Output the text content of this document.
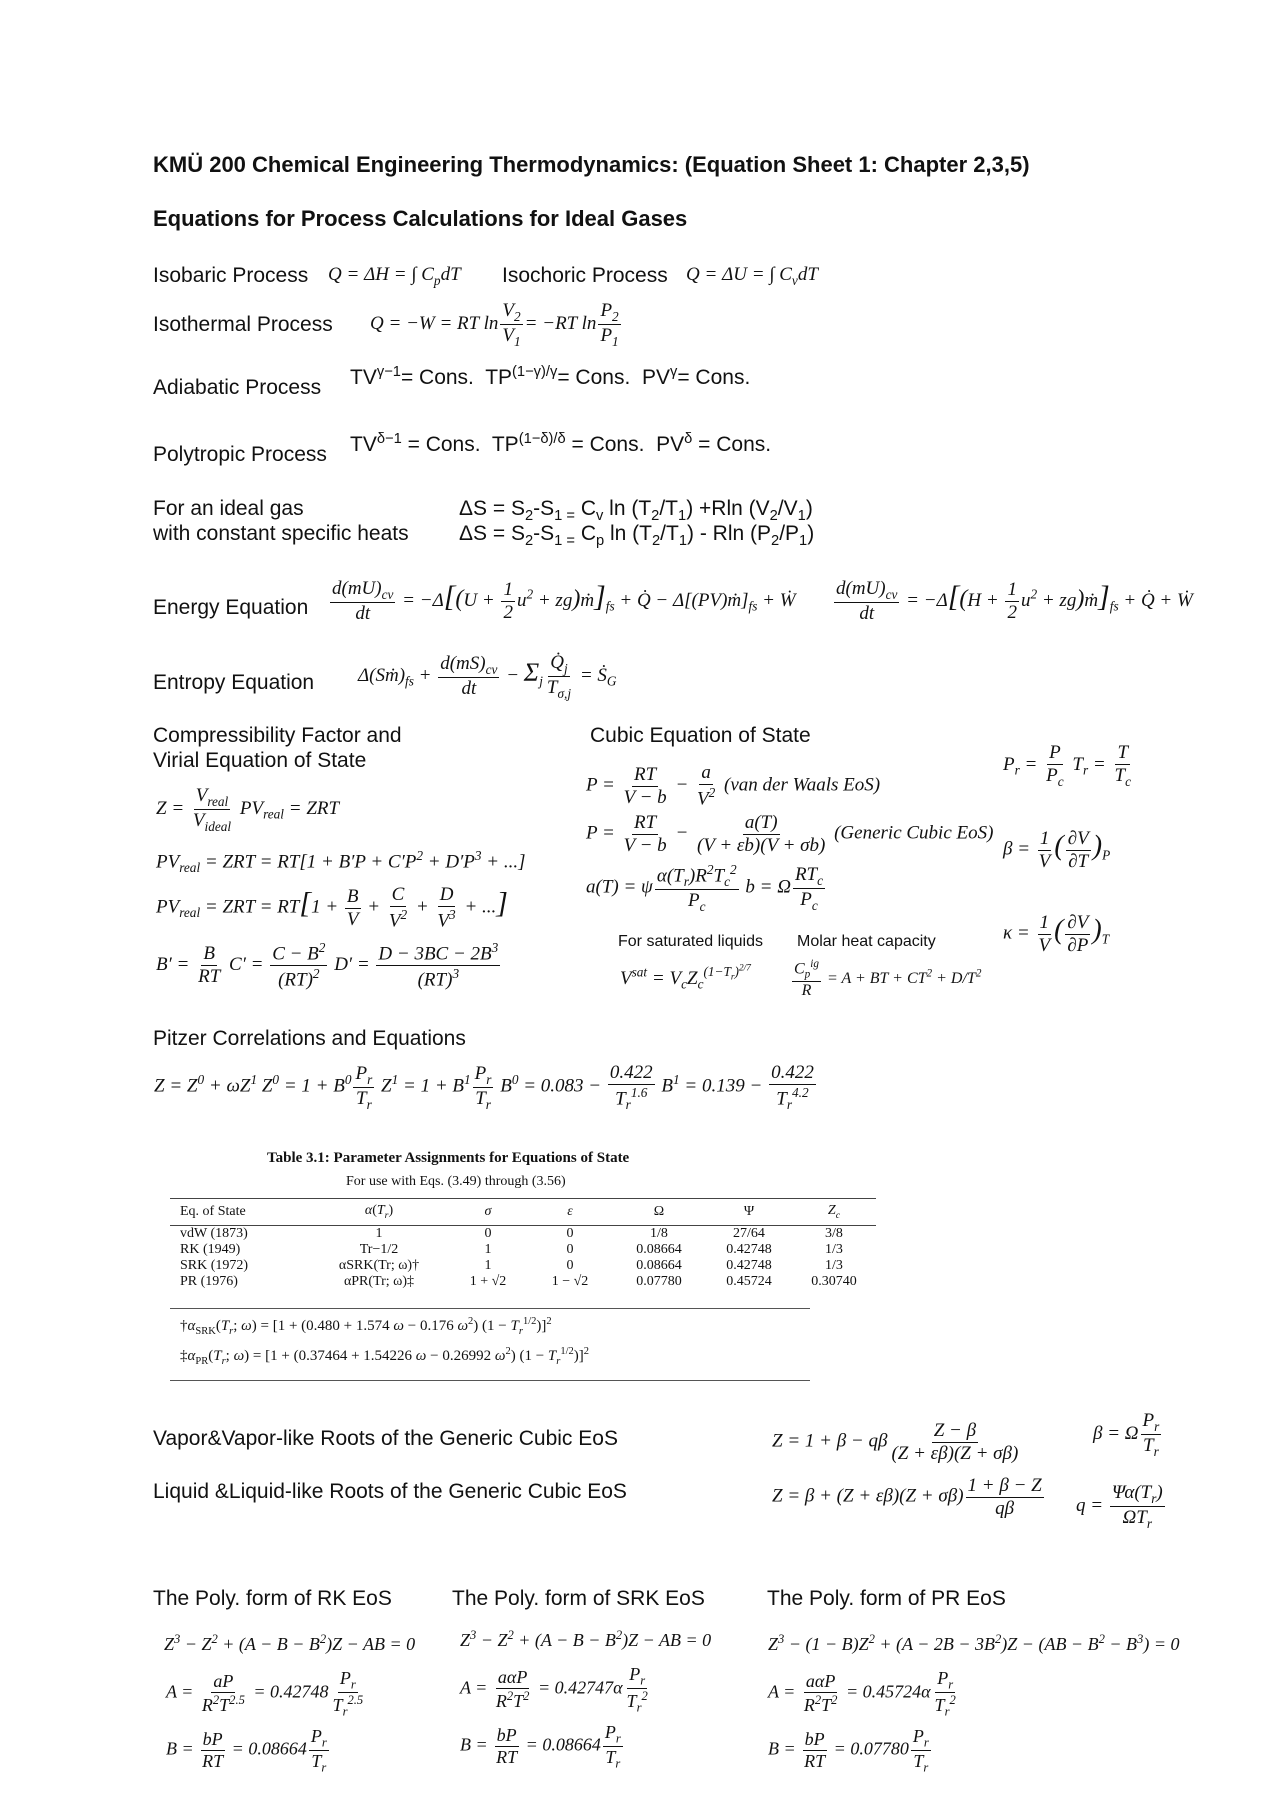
KMÜ 200 Chemical Engineering Thermodynamics: (Equation Sheet 1: Chapter 2,3,5)
Equations for Process Calculations for Ideal Gases
Isobaric Process Q = ΔH = ∫ $C_pdT$ Isochoric Process Q = ΔU = ∫ $C_vdT$
Isothermal Process Q = −W = RT $\ln \frac{V_2}{V_1} = -RT$ $\ln \frac{P_2}{P_1}$
Adiabatic Process $TV^{\gamma-1}=$ Cons.  $TP^{(1-\gamma)/\gamma}=$ Cons.  $PV^\gamma=$ Cons.
Polytropic Process $TV^{\delta-1}$ = Cons.  $TP^{(1-\delta)/\delta}$ = Cons.  $PV^\delta$ = Cons.
For an ideal gas
with constant specific heats
$\Delta S = S_2-S_{1 =}$ $C_v$ $\ln (T_2/T_1) +Rln$ $(V_2/V_1)$
$\Delta S = S_2-S_{1 =}$ $C_p$ $\ln (T_2/T_1)$ - Rln $(P_2/P_1)$
Energy Equation $\frac{d(mU)_{cv}}{dt} = -\Delta[(U + \frac{1}{2} u^2$ + $zg)ṁ]_{fs}$ + Q̇ − $\Delta[(PV)ṁ]_{fs}$ + Ẇ $\frac{d(mU)_{cv}}{dt} = -\Delta[(H + \frac{1}{2} u^2$ + $zg)ṁ]_{fs}$ + Q̇ + Ẇ
Entropy Equation $\Delta(Sṁ)_{fs} + \frac{d(mS)_{cv}}{dt} - \Sigma_j \frac{Q̇_j}{T_{\sigma,j}}$ = Ṡ$_G$
Compressibility Factor and
Virial Equation of State
$Z = \frac{V_{real}}{V_{ideal}} PV_{real}$ = ZRT
$PV_{real}$ = ZRT = $RT[1 + B'P + C'P^2 + D'P^3$ + ...]
$PV_{real}$ = ZRT = $RT[1 + \frac{B}{V} + \frac{C}{V^2} + \frac{D}{V^3}$ + ...]
$B' = \frac{B}{RT} C' = \frac{C - B^2}{(RT)^2} D' = \frac{D - 3BC - 2B^3}{(RT)^3}$
Cubic Equation of State
$P = \frac{RT}{V - b} - \frac{a}{V^2} (van$ der Waals EoS)
$P = \frac{RT}{V - b} - \frac{a(T)}{(V + \varepsilon b)(V + \sigma b)}$ (Generic Cubic EoS)
a(T) = ψ $\frac{\alpha(T_r)R^2T_c^2}{P_c}$ b = Ω $\frac{RT_c}{P_c}$
For saturated liquids Molar heat capacity
$V^{sat} = V_cZ_c^{(1-T_r)^{2/7}}$	$\frac{C_p^{ig}}{R} = A$ + BT + $CT^2 + D/T^2$
$P_r = \frac{P}{P_c} T_r = \frac{T}{T_c}$
$\beta = \frac{1}{V}$ ( $\frac{\partial V}{\partial T} )_P$
$\kappa = \frac{1}{V}$ ( $\frac{\partial V}{\partial P} )_T$
Pitzer Correlations and Equations
$Z = Z^0 + \omega Z^1$ $Z^0 = 1 + B^0 \frac{P_r}{T_r} Z^1 = 1 + B^1 \frac{P_r}{T_r} B^0 = 0.083 - \frac{0.422}{T_r^{1.6}} B^1 = 0.139 - \frac{0.422}{T_r^{4.2}}$
Table 3.1: Parameter Assignments for Equations of State
For use with Eqs. (3.49) through (3.56)
Eq. of State	$\alpha(T_r)$	σ	ε	Ω	Ψ	$Z_c$
vdW (1873)	1	0	0	1/8	27/64	3/8
RK (1949)	Tr−1/2	1	0	0.08664	0.42748	1/3
SRK (1972)	αSRK(Tr; ω)†	1	0	0.08664	0.42748	1/3
PR (1976)	αPR(Tr; ω)‡	1 + √2	1 − √2	0.07780	0.45724	0.30740
$\dagger\alpha_{SRK}(T_r$; ω) = [1 + (0.480 + 1.574 ω − 0.176 $\omega^2$) $(1 - T_r^{1/2})]^2$
$\ddagger\alpha_{PR}(T_r$; ω) = [1 + (0.37464 + 1.54226 ω − 0.26992 $\omega^2$) $(1 - T_r^{1/2})]^2$
Vapor&Vapor-like Roots of the Generic Cubic EoS
Liquid &Liquid-like Roots of the Generic Cubic EoS
Z = 1 + β − qβ $\frac{Z - \beta}{(Z + \varepsilon\beta)(Z + \sigma\beta)}$
$Z = \beta + (Z + \varepsilon\beta)(Z + \sigma\beta) \frac{1 + \beta - Z}{q\beta}$
β = Ω $\frac{P_r}{T_r}$
$q = \frac{\Psi\alpha(T_r)}{\Omega T_r}$
The Poly. form of RK EoS	The Poly. form of SRK EoS	The Poly. form of PR EoS
$Z^3 - Z^2 + (A - B - B^2)Z$ − AB = 0
$A = \frac{aP}{R^2T^{2.5}} = 0.42748 \frac{P_r}{T_r^{2.5}}$
$B = \frac{bP}{RT} = 0.08664 \frac{P_r}{T_r}$
$Z^3 - Z^2 + (A - B - B^2)Z$ − AB = 0
$A = \frac{\text{aαP}}{R^2T^2} = 0.42747\alpha \frac{P_r}{T_r^2}$
$B = \frac{bP}{RT} = 0.08664 \frac{P_r}{T_r}$
$Z^3 - (1 - B)Z^2 + (A - 2B - 3B^2)Z - (AB - B^2 - B^3) = 0$
$A = \frac{\text{aαP}}{R^2T^2} = 0.45724\alpha \frac{P_r}{T_r^2}$
$B = \frac{bP}{RT} = 0.07780 \frac{P_r}{T_r}$
